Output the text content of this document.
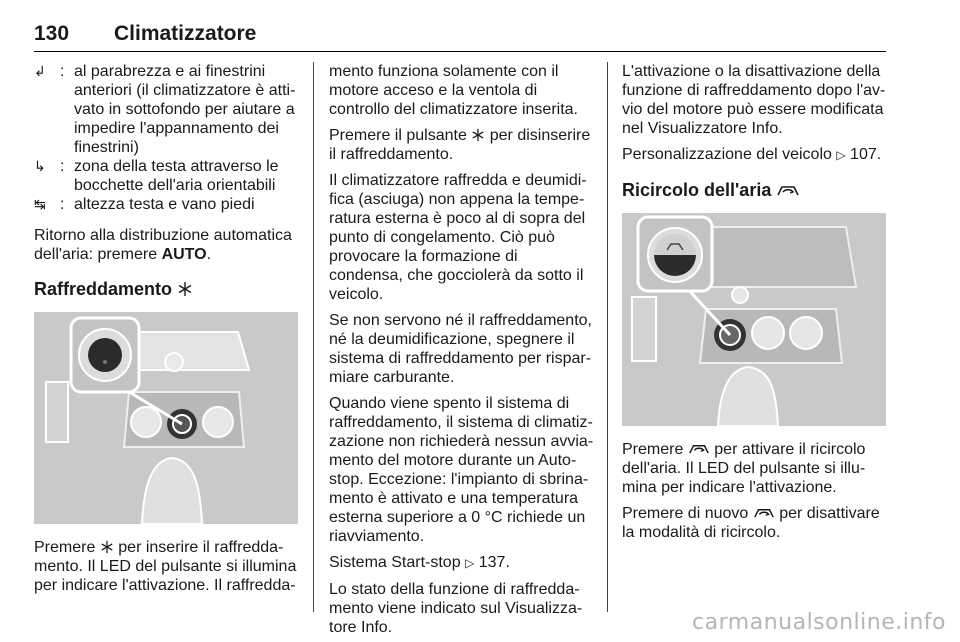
130 Climatizzatore
↲ : al parabrezza e ai finestrini anteriori (il climatizzatore è atti-vato in sottofondo per aiutare a impedire l'appannamento dei finestrini)
↳ : zona della testa attraverso le bocchette dell'aria orientabili
↹ : altezza testa e vano piedi

Ritorno alla distribuzione automatica dell'aria: premere AUTO.

Raffreddamento

Premere per inserire il raffredda-mento. Il LED del pulsante si illumina per indicare l'attivazione. Il raffredda-

mento funziona solamente con il motore acceso e la ventola di controllo del climatizzatore inserita.

Premere il pulsante per disinserire il raffreddamento.

Il climatizzatore raffredda e deumidi-fica (asciuga) non appena la tempe-ratura esterna è poco al di sopra del punto di congelamento. Ciò può provocare la formazione di condensa, che gocciolerà da sotto il veicolo.

Se non servono né il raffreddamento, né la deumidificazione, spegnere il sistema di raffreddamento per rispar-miare carburante.

Quando viene spento il sistema di raffreddamento, il sistema di climatiz-zazione non richiederà nessun avvia-mento del motore durante un Auto-stop. Eccezione: l'impianto di sbrina-mento è attivato e una temperatura esterna superiore a 0 °C richiede un riavviamento.

Sistema Start-stop ▷ 137.

Lo stato della funzione di raffredda-mento viene indicato sul Visualizza-tore Info.

L'attivazione o la disattivazione della funzione di raffreddamento dopo l'av-vio del motore può essere modificata nel Visualizzatore Info.

Personalizzazione del veicolo ▷ 107.

Ricircolo dell'aria

Premere per attivare il ricircolo dell'aria. Il LED del pulsante si illu-mina per indicare l'attivazione.

Premere di nuovo per disattivare la modalità di ricircolo.

carmanualsonline.info
